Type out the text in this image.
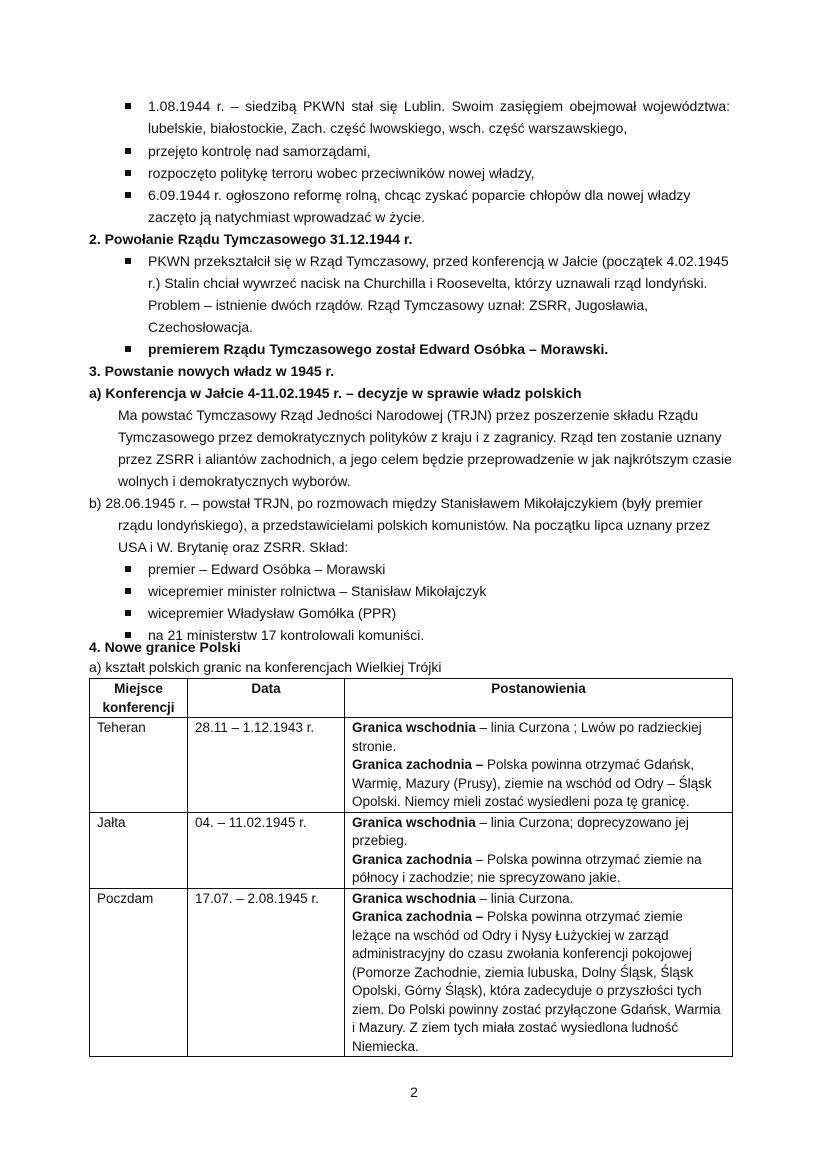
1.08.1944 r. – siedzibą PKWN stał się Lublin. Swoim zasięgiem obejmował województwa:
lubelskie, białostockie, Zach. część lwowskiego, wsch. część warszawskiego,
przejęto kontrolę nad samorządami,
rozpoczęto politykę terroru wobec przeciwników nowej władzy,
6.09.1944 r. ogłoszono reformę rolną, chcąc zyskać poparcie chłopów dla nowej władzy
zaczęto ją natychmiast wprowadzać w życie.
2. Powołanie Rządu Tymczasowego 31.12.1944 r.
PKWN przekształcił się w Rząd Tymczasowy, przed konferencją w Jałcie (początek 4.02.1945
r.) Stalin chciał wywrzeć nacisk na Churchilla i Roosevelta, którzy uznawali rząd londyński.
Problem – istnienie dwóch rządów. Rząd Tymczasowy uznał: ZSRR, Jugosławia,
Czechosłowacja.
premierem Rządu Tymczasowego został Edward Osóbka – Morawski.
3. Powstanie nowych władz w 1945 r.
a) Konferencja w Jałcie 4-11.02.1945 r. – decyzje w sprawie władz polskich
Ma powstać Tymczasowy Rząd Jedności Narodowej (TRJN) przez poszerzenie składu Rządu
Tymczasowego przez demokratycznych polityków z kraju i z zagranicy. Rząd ten zostanie uznany
przez ZSRR i aliantów zachodnich, a jego celem będzie przeprowadzenie w jak najkrótszym czasie
wolnych i demokratycznych wyborów.
b) 28.06.1945 r. – powstał TRJN, po rozmowach między Stanisławem Mikołajczykiem (były premier
rządu londyńskiego), a przedstawicielami polskich komunistów. Na początku lipca uznany przez
USA i W. Brytanię oraz ZSRR. Skład:
premier – Edward Osóbka – Morawski
wicepremier minister rolnictwa – Stanisław Mikołajczyk
wicepremier Władysław Gomółka (PPR)
na 21 ministerstw 17 kontrolowali komuniści.
4. Nowe granice Polski
a) kształt polskich granic na konferencjach Wielkiej Trójki
Miejsce konferencji	Data	Postanowienia
Teheran	28.11 – 1.12.1943 r.	Granica wschodnia – linia Curzona ; Lwów po radzieckiej stronie.
Granica zachodnia – Polska powinna otrzymać Gdańsk, Warmię, Mazury (Prusy), ziemie na wschód od Odry – Śląsk Opolski. Niemcy mieli zostać wysiedleni poza tę granicę.

Jałta	04. – 11.02.1945 r.	Granica wschodnia – linia Curzona; doprecyzowano jej przebieg.
Granica zachodnia – Polska powinna otrzymać ziemie na północy i zachodzie; nie sprecyzowano jakie.

Poczdam	17.07. – 2.08.1945 r.	Granica wschodnia – linia Curzona.
Granica zachodnia – Polska powinna otrzymać ziemie leżące na wschód od Odry i Nysy Łużyckiej w zarząd administracyjny do czasu zwołania konferencji pokojowej (Pomorze Zachodnie, ziemia lubuska, Dolny Śląsk, Śląsk Opolski, Górny Śląsk), która zadecyduje o przyszłości tych ziem. Do Polski powinny zostać przyłączone Gdańsk, Warmia i Mazury. Z ziem tych miała zostać wysiedlona ludność Niemiecka.
2
